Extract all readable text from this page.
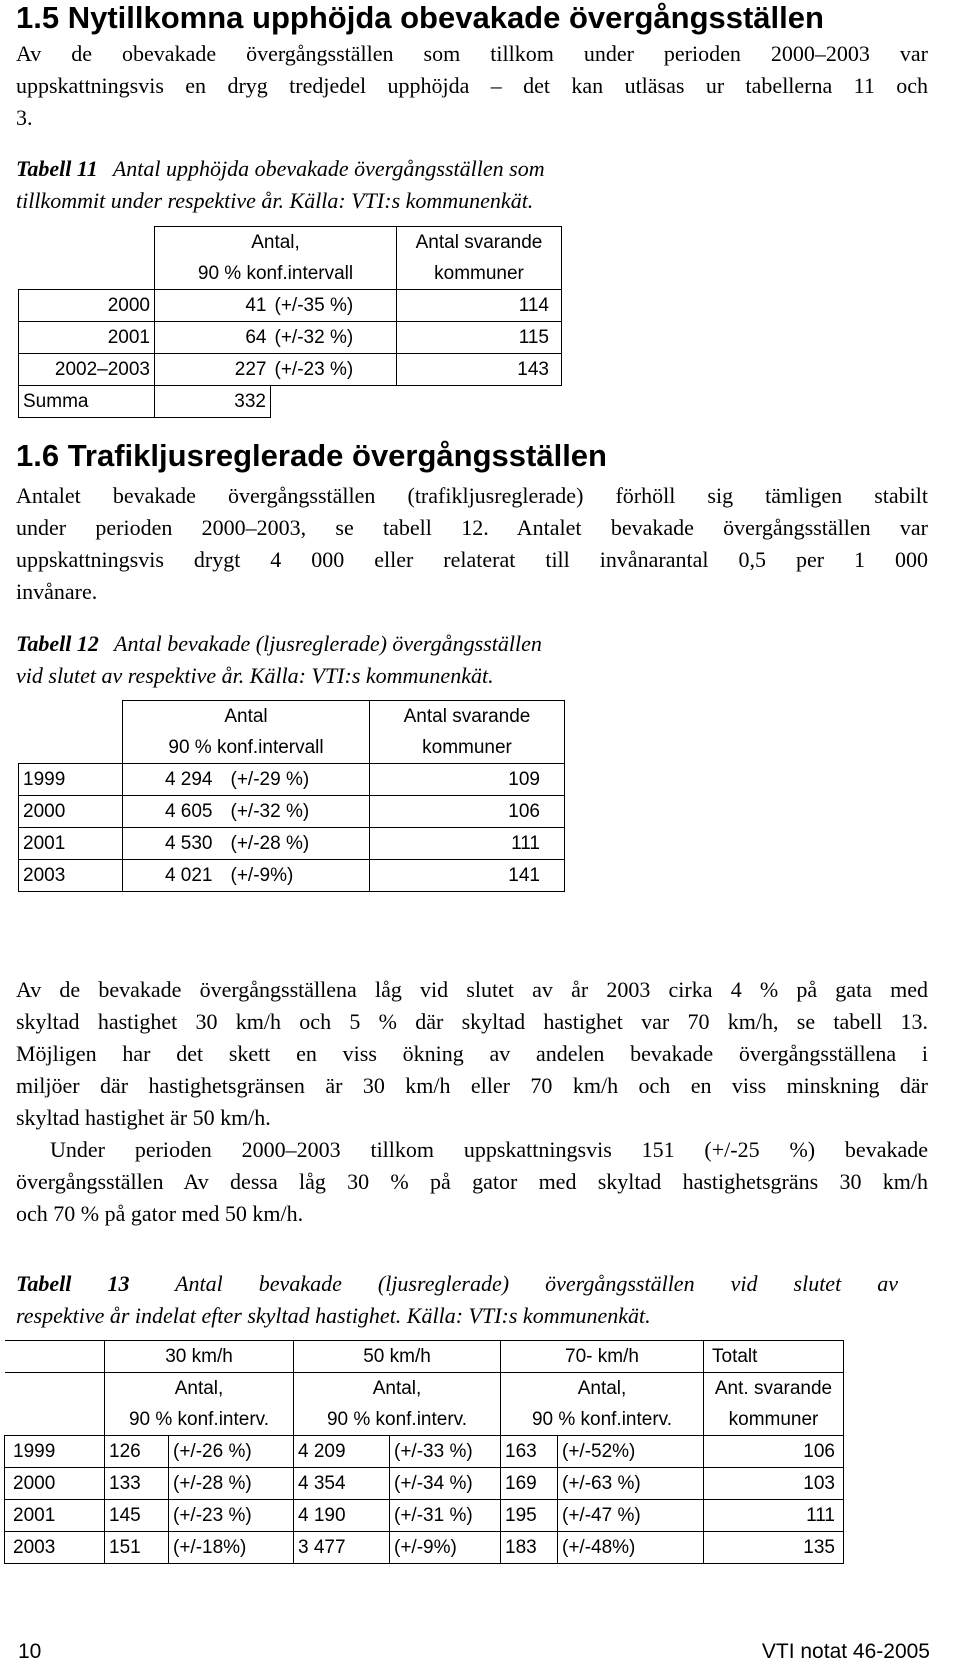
1.5 Nytillkomna upphöjda obevakade övergångsställen
Av de obevakade övergångsställen som tillkom under perioden 2000–2003 var
uppskattningsvis en dryg tredjedel upphöjda – det kan utläsas ur tabellerna 11 och
3.
Tabell 11 Antal upphöjda obevakade övergångsställen som
tillkommit under respektive år. Källa: VTI:s kommunenkät.
	Antal,		Antal svarande
	90 % konf.intervall		kommuner
2000	41	(+/-35 %)	114
2001	64	(+/-32 %)	115
2002–2003	227	(+/-23 %)	143
Summa	332		
1.6 Trafikljusreglerade övergångsställen
Antalet bevakade övergångsställen (trafikljusreglerade) förhöll sig tämligen stabilt
under perioden 2000–2003, se tabell 12. Antalet bevakade övergångsställen var
uppskattningsvis drygt 4 000 eller relaterat till invånarantal 0,5 per 1 000
invånare.
Tabell 12 Antal bevakade (ljusreglerade) övergångsställen
vid slutet av respektive år. Källa: VTI:s kommunenkät.
	Antal		Antal svarande
	90 % konf.intervall		kommuner
1999	4 294	(+/-29 %)	109
2000	4 605	(+/-32 %)	106
2001	4 530	(+/-28 %)	111
2003	4 021	(+/-9%)	141
Av de bevakade övergångsställena låg vid slutet av år 2003 cirka 4 % på gata med
skyltad hastighet 30 km/h och 5 % där skyltad hastighet var 70 km/h, se tabell 13.
Möjligen har det skett en viss ökning av andelen bevakade övergångsställena i
miljöer där hastighetsgränsen är 30 km/h eller 70 km/h och en viss minskning där
skyltad hastighet är 50 km/h.
Under perioden 2000–2003 tillkom uppskattningsvis 151 (+/-25 %) bevakade
övergångsställen Av dessa låg 30 % på gator med skyltad hastighetsgräns 30 km/h
och 70 % på gator med 50 km/h.
Tabell 13 Antal bevakade (ljusreglerade) övergångsställen vid slutet av
respektive år indelat efter skyltad hastighet. Källa: VTI:s kommunenkät.
	30 km/h		50 km/h		70- km/h		Totalt
	Antal,		Antal,		Antal,		Ant. svarande
	90 % konf.interv.		90 % konf.interv.		90 % konf.interv.		kommuner
1999	126	(+/-26 %)	4 209	(+/-33 %)	163	(+/-52%)	106
2000	133	(+/-28 %)	4 354	(+/-34 %)	169	(+/-63 %)	103
2001	145	(+/-23 %)	4 190	(+/-31 %)	195	(+/-47 %)	111
2003	151	(+/-18%)	3 477	(+/-9%)	183	(+/-48%)	135
10	VTI notat 46-2005
